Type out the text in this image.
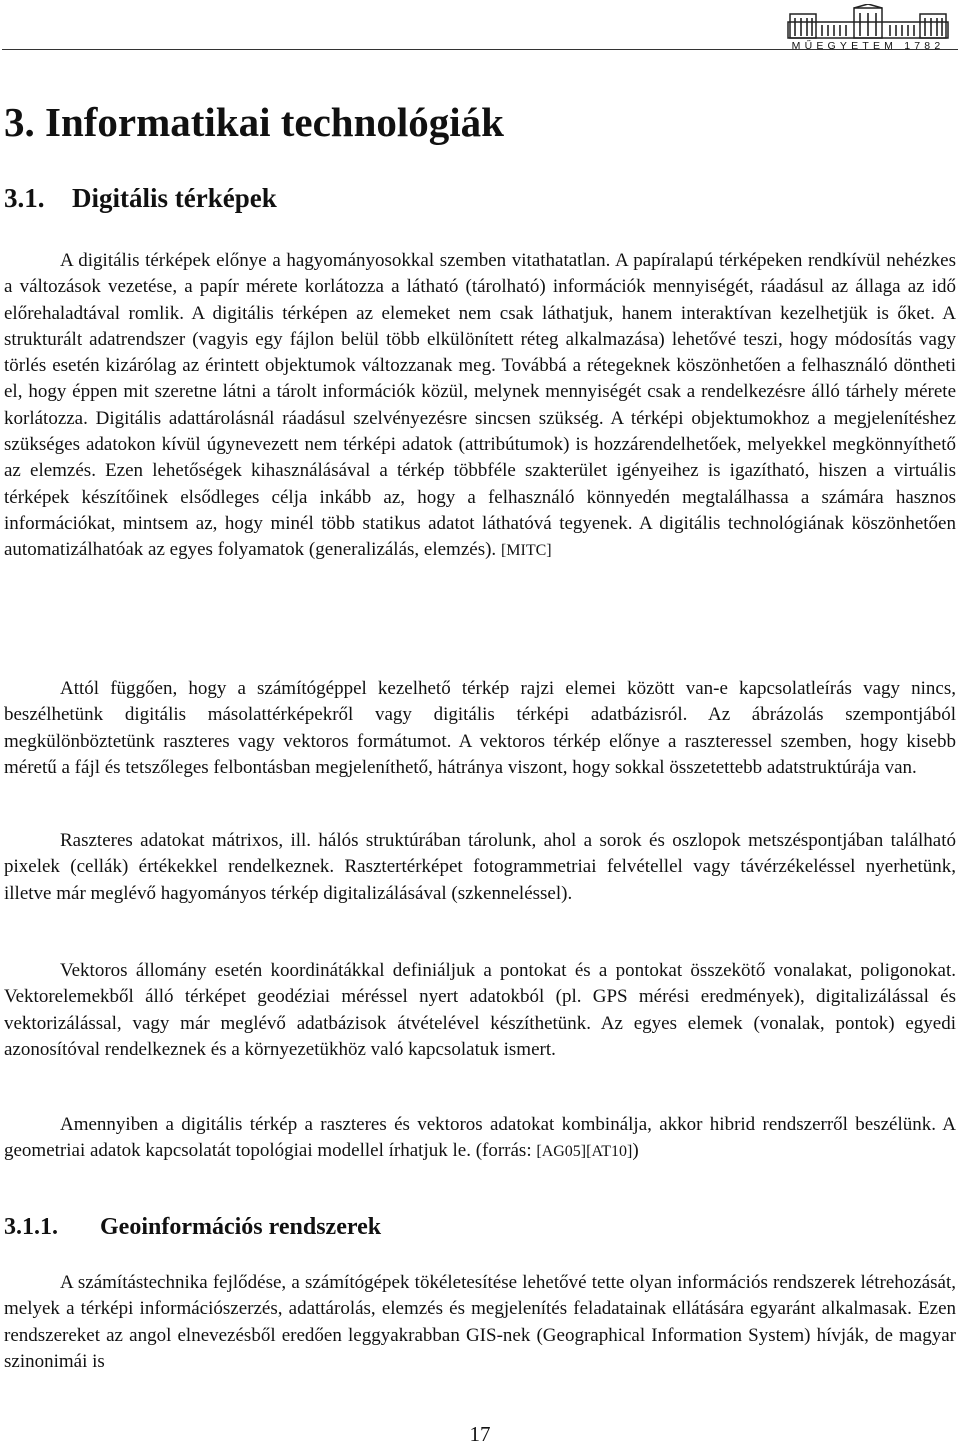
MŰEGYETEM 1782
3. Informatikai technológiák
3.1. Digitális térképek

A digitális térképek előnye a hagyományosokkal szemben vitathatatlan. A papíralapú térképeken rendkívül nehézkes a változások vezetése, a papír mérete korlátozza a látható (tárolható) információk mennyiségét, ráadásul az állaga az idő előrehaladtával romlik. A digitális térképen az elemeket nem csak láthatjuk, hanem interaktívan kezelhetjük is őket. A strukturált adatrendszer (vagyis egy fájlon belül több elkülönített réteg alkalmazása) lehetővé teszi, hogy módosítás vagy törlés esetén kizárólag az érintett objektumok változzanak meg. Továbbá a rétegeknek köszönhetően a felhasználó döntheti el, hogy éppen mit szeretne látni a tárolt információk közül, melynek mennyiségét csak a rendelkezésre álló tárhely mérete korlátozza. Digitális adattárolásnál ráadásul szelvényezésre sincsen szükség. A térképi objektumokhoz a megjelenítéshez szükséges adatokon kívül úgynevezett nem térképi adatok (attribútumok) is hozzárendelhetőek, melyekkel megkönnyíthető az elemzés. Ezen lehetőségek kihasználásával a térkép többféle szakterület igényeihez is igazítható, hiszen a virtuális térképek készítőinek elsődleges célja inkább az, hogy a felhasználó könnyedén megtalálhassa a számára hasznos információkat, mintsem az, hogy minél több statikus adatot láthatóvá tegyenek. A digitális technológiának köszönhetően automatizálhatóak az egyes folyamatok (generalizálás, elemzés). [MITC]

Attól függően, hogy a számítógéppel kezelhető térkép rajzi elemei között van-e kapcsolatleírás vagy nincs, beszélhetünk digitális másolattérképekről vagy digitális térképi adatbázisról. Az ábrázolás szempontjából megkülönböztetünk raszteres vagy vektoros formátumot. A vektoros térkép előnye a raszteressel szemben, hogy kisebb méretű a fájl és tetszőleges felbontásban megjeleníthető, hátránya viszont, hogy sokkal összetettebb adatstruktúrája van.

Raszteres adatokat mátrixos, ill. hálós struktúrában tárolunk, ahol a sorok és oszlopok metszéspontjában található pixelek (cellák) értékekkel rendelkeznek. Rasztertérképet fotogrammetriai felvétellel vagy távérzékeléssel nyerhetünk, illetve már meglévő hagyományos térkép digitalizálásával (szkenneléssel).

Vektoros állomány esetén koordinátákkal definiáljuk a pontokat és a pontokat összekötő vonalakat, poligonokat. Vektorelemekből álló térképet geodéziai méréssel nyert adatokból (pl. GPS mérési eredmények), digitalizálással és vektorizálással, vagy már meglévő adatbázisok átvételével készíthetünk. Az egyes elemek (vonalak, pontok) egyedi azonosítóval rendelkeznek és a környezetükhöz való kapcsolatuk ismert.

Amennyiben a digitális térkép a raszteres és vektoros adatokat kombinálja, akkor hibrid rendszerről beszélünk. A geometriai adatok kapcsolatát topológiai modellel írhatjuk le. (forrás: [AG05][AT10])

3.1.1. Geoinformációs rendszerek

A számítástechnika fejlődése, a számítógépek tökéletesítése lehetővé tette olyan információs rendszerek létrehozását, melyek a térképi információszerzés, adattárolás, elemzés és megjelenítés feladatainak ellátására egyaránt alkalmasak. Ezen rendszereket az angol elnevezésből eredően leggyakrabban GIS-nek (Geographical Information System) hívják, de magyar szinonimái is

17
